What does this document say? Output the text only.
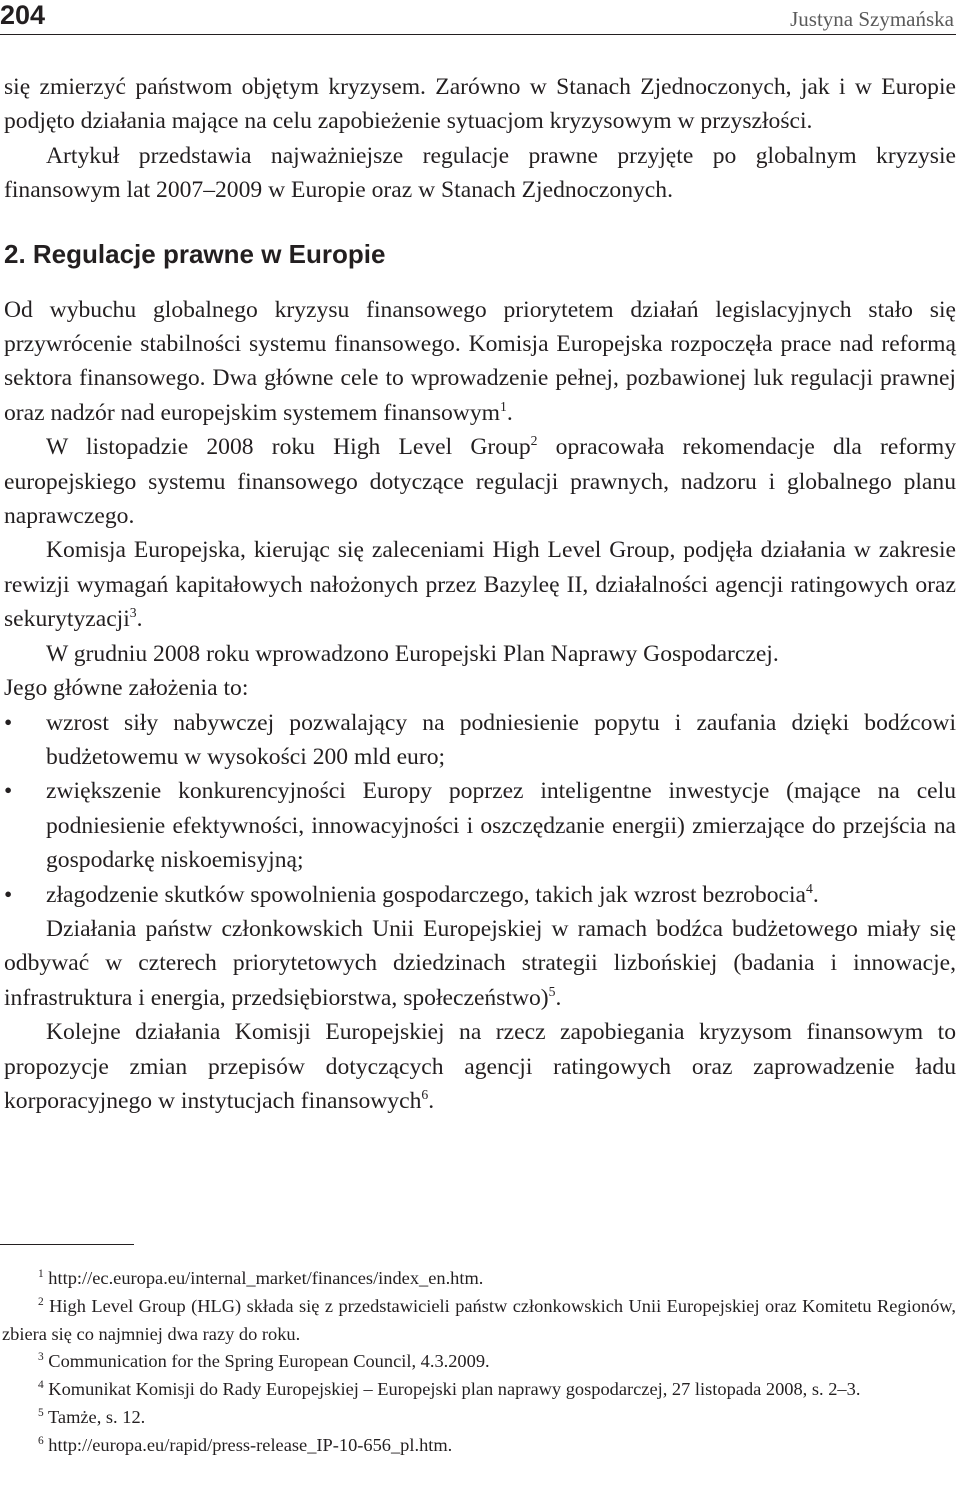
204	Justyna Szymańska

się zmierzyć państwom objętym kryzysem. Zarówno w Stanach Zjednoczonych, jak i w Europie podjęto działania mające na celu zapobieżenie sytuacjom kryzysowym w przyszłości.

Artykuł przedstawia najważniejsze regulacje prawne przyjęte po globalnym kryzysie finansowym lat 2007–2009 w Europie oraz w Stanach Zjednoczonych.

2. Regulacje prawne w Europie

Od wybuchu globalnego kryzysu finansowego priorytetem działań legislacyjnych stało się przywrócenie stabilności systemu finansowego. Komisja Europejska rozpoczęła prace nad reformą sektora finansowego. Dwa główne cele to wprowadzenie pełnej, pozbawionej luk regulacji prawnej oraz nadzór nad europejskim systemem finansowym$^1$.

W listopadzie 2008 roku High Level Group$^2$ opracowała rekomendacje dla reformy europejskiego systemu finansowego dotyczące regulacji prawnych, nadzoru i globalnego planu naprawczego.

Komisja Europejska, kierując się zaleceniami High Level Group, podjęła działania w zakresie rewizji wymagań kapitałowych nałożonych przez Bazyleę II, działalności agencji ratingowych oraz sekurytyzacji$^3$.

W grudniu 2008 roku wprowadzono Europejski Plan Naprawy Gospodarczej.

Jego główne założenia to:

• wzrost siły nabywczej pozwalający na podniesienie popytu i zaufania dzięki bodźcowi budżetowemu w wysokości 200 mld euro;
• zwiększenie konkurencyjności Europy poprzez inteligentne inwestycje (mające na celu podniesienie efektywności, innowacyjności i oszczędzanie energii) zmierzające do przejścia na gospodarkę niskoemisyjną;
• złagodzenie skutków spowolnienia gospodarczego, takich jak wzrost bezrobocia$^4$.

Działania państw członkowskich Unii Europejskiej w ramach bodźca budżetowego miały się odbywać w czterech priorytetowych dziedzinach strategii lizbońskiej (badania i innowacje, infrastruktura i energia, przedsiębiorstwa, społeczeństwo)$^5$.

Kolejne działania Komisji Europejskiej na rzecz zapobiegania kryzysom finansowym to propozycje zmian przepisów dotyczących agencji ratingowych oraz zaprowadzenie ładu korporacyjnego w instytucjach finansowych$^6$.

$^1$ http://ec.europa.eu/internal_market/finances/index_en.htm.

$^2$ High Level Group (HLG) składa się z przedstawicieli państw członkowskich Unii Europejskiej oraz Komitetu Regionów, zbiera się co najmniej dwa razy do roku.

$^3$ Communication for the Spring European Council, 4.3.2009.

$^4$ Komunikat Komisji do Rady Europejskiej – Europejski plan naprawy gospodarczej, 27 listopada 2008, s. 2–3.

$^5$ Tamże, s. 12.

$^6$ http://europa.eu/rapid/press-release_IP-10-656_pl.htm.
